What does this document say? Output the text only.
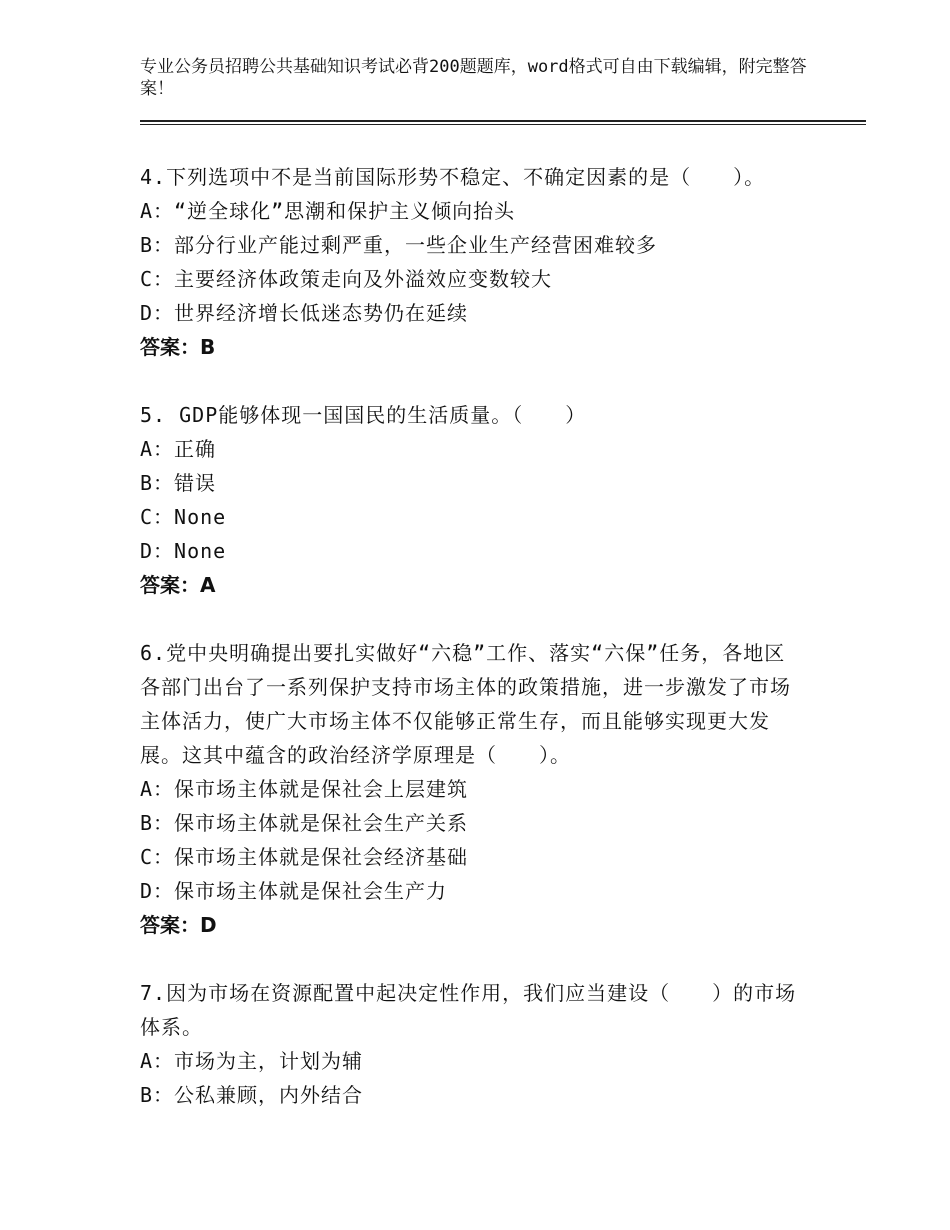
专业公务员招聘公共基础知识考试必背200题题库，word格式可自由下载编辑，附完整答案！

4.下列选项中不是当前国际形势不稳定、不确定因素的是（　　）。

A：“逆全球化”思潮和保护主义倾向抬头

B：部分行业产能过剩严重，一些企业生产经营困难较多

C：主要经济体政策走向及外溢效应变数较大

D：世界经济增长低迷态势仍在延续

答案：B

5. GDP能够体现一国国民的生活质量。（　　）

A：正确

B：错误

C：None

D：None

答案：A

6.党中央明确提出要扎实做好“六稳”工作、落实“六保”任务，各地区各部门出台了一系列保护支持市场主体的政策措施，进一步激发了市场主体活力，使广大市场主体不仅能够正常生存，而且能够实现更大发展。这其中蕴含的政治经济学原理是（　　）。

A：保市场主体就是保社会上层建筑

B：保市场主体就是保社会生产关系

C：保市场主体就是保社会经济基础

D：保市场主体就是保社会生产力

答案：D

7.因为市场在资源配置中起决定性作用，我们应当建设（　　）的市场体系。

A：市场为主，计划为辅

B：公私兼顾，内外结合
